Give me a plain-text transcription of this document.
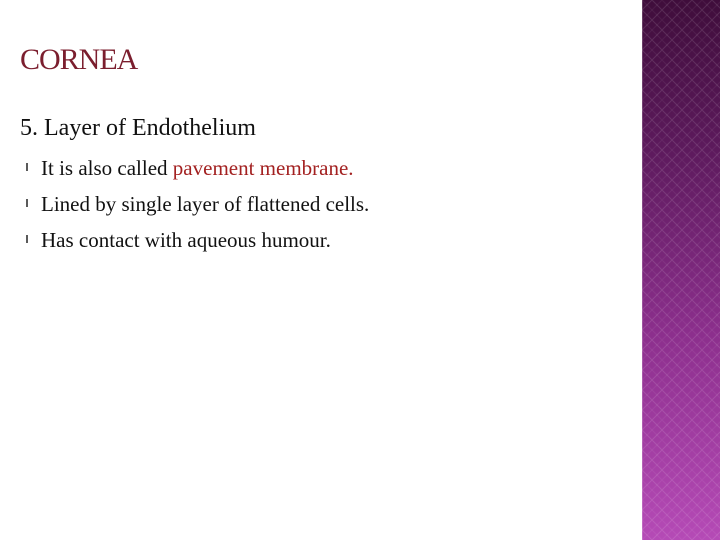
CORNEA
5. Layer of Endothelium
It is also called pavement membrane.
Lined by single layer of flattened cells.
Has contact with aqueous humour.
